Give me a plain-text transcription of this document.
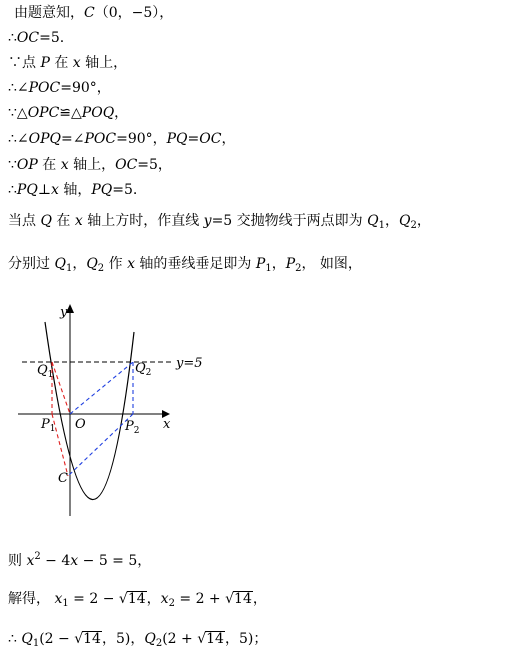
由题意知，C（0，−5），
∴OC=5.
∵点 P 在 x 轴上，
∴∠POC=90°，
∵△OPC≌△POQ，
∴∠OPQ=∠POC=90°，PQ=OC，
∵OP 在 x 轴上，OC=5，
∴PQ⊥x 轴，PQ=5.
当点 Q 在 x 轴上方时，作直线 y=5 交抛物线于两点即为 $Q_1$，$Q_2$，
分别过 $Q_1$，$Q_2$ 作 x 轴的垂线垂足即为 $P_1$，$P_2$， 如图，
y
x
O
y=5
$Q_1$	$Q_2$
$P_1$	$P_2$
C
则 $x^2 - 4x - 5 = 5$，
解得， $x_1 = 2 - √14$，$x_2 = 2 + √14$，
∴ $Q_1(2 - √14$，5)，$Q_2(2 + √14$，5)；
